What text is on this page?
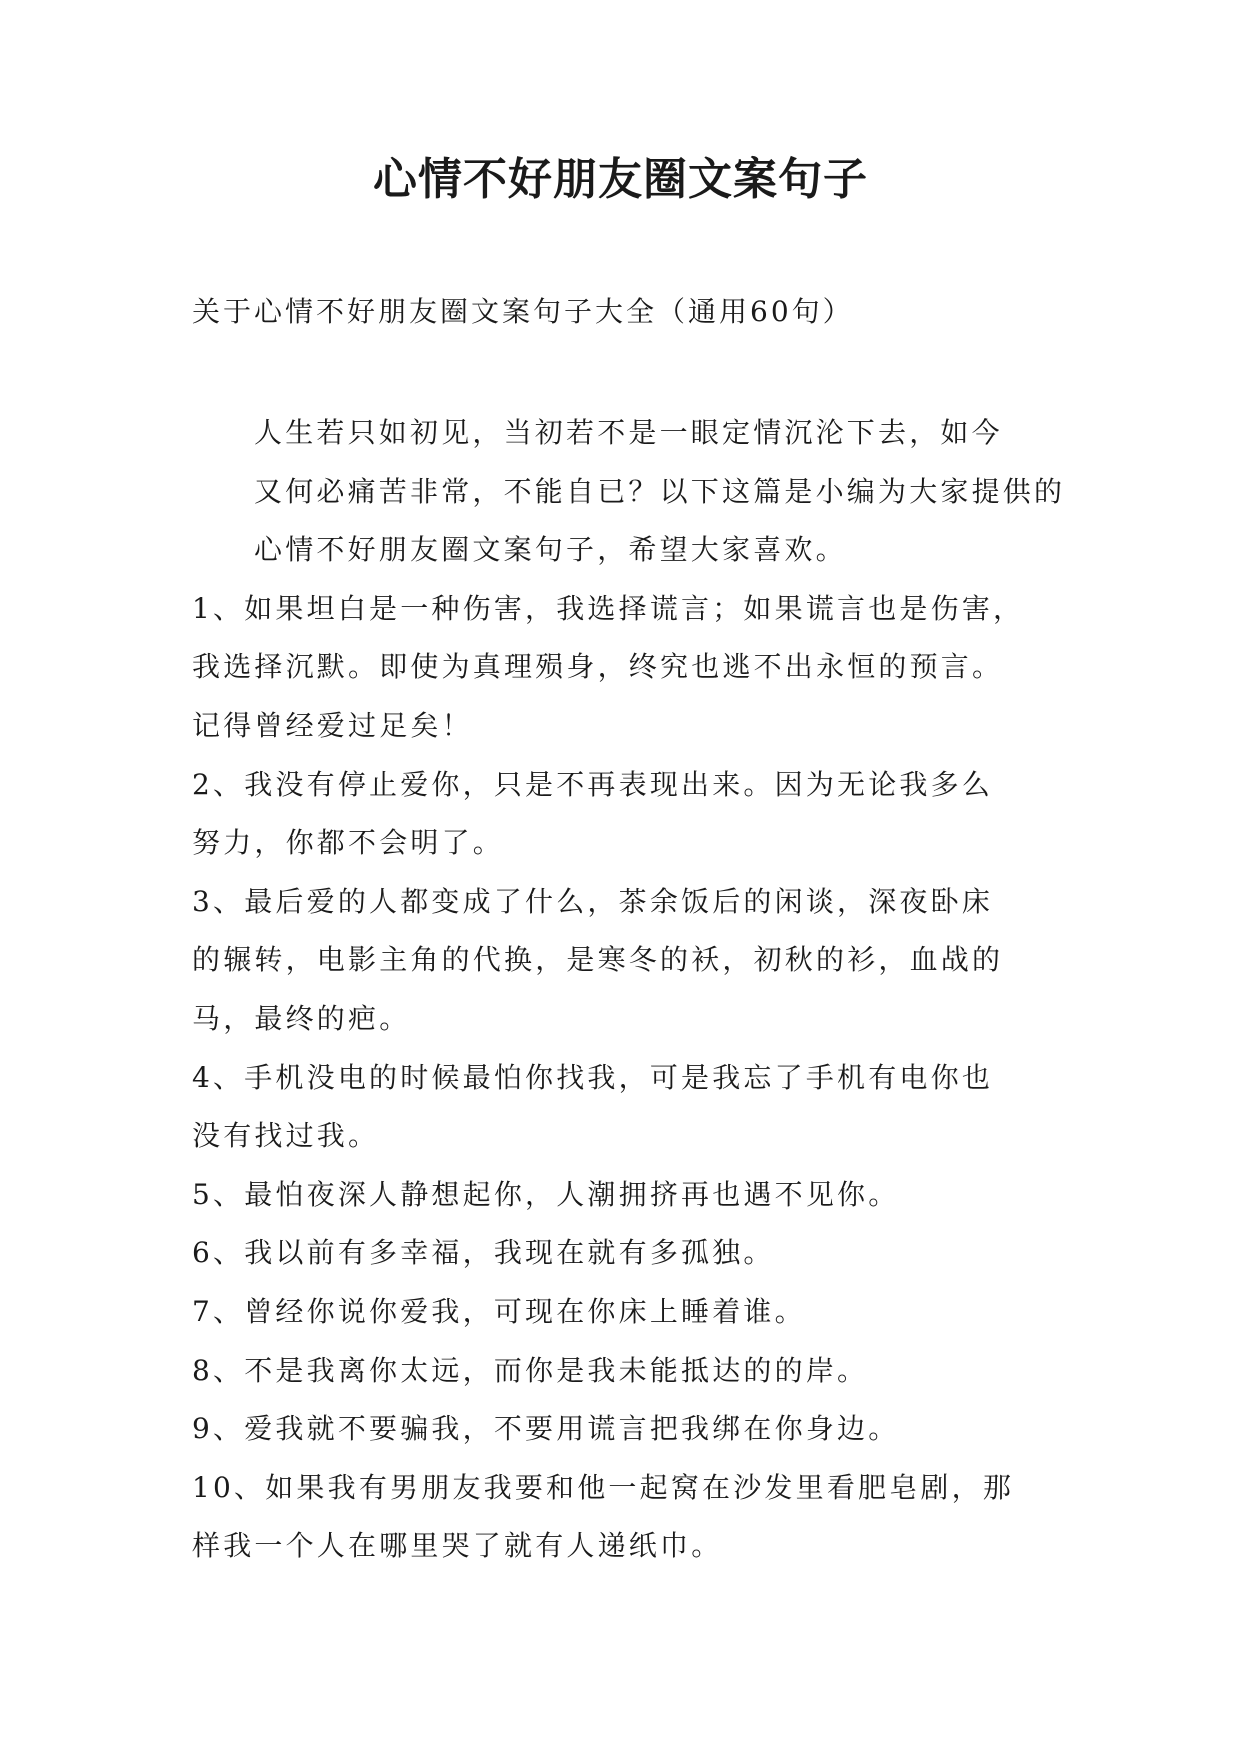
心情不好朋友圈文案句子

关于心情不好朋友圈文案句子大全（通用60句）

人生若只如初见，当初若不是一眼定情沉沦下去，如今
又何必痛苦非常，不能自已？以下这篇是小编为大家提供的
心情不好朋友圈文案句子，希望大家喜欢。

1、如果坦白是一种伤害，我选择谎言；如果谎言也是伤害，
我选择沉默。即使为真理殒身，终究也逃不出永恒的预言。
记得曾经爱过足矣！

2、我没有停止爱你，只是不再表现出来。因为无论我多么
努力，你都不会明了。

3、最后爱的人都变成了什么，茶余饭后的闲谈，深夜卧床
的辗转，电影主角的代换，是寒冬的袄，初秋的衫，血战的
马，最终的疤。

4、手机没电的时候最怕你找我，可是我忘了手机有电你也
没有找过我。

5、最怕夜深人静想起你，人潮拥挤再也遇不见你。

6、我以前有多幸福，我现在就有多孤独。

7、曾经你说你爱我，可现在你床上睡着谁。

8、不是我离你太远，而你是我未能抵达的的岸。

9、爱我就不要骗我，不要用谎言把我绑在你身边。

10、如果我有男朋友我要和他一起窝在沙发里看肥皂剧，那
样我一个人在哪里哭了就有人递纸巾。
